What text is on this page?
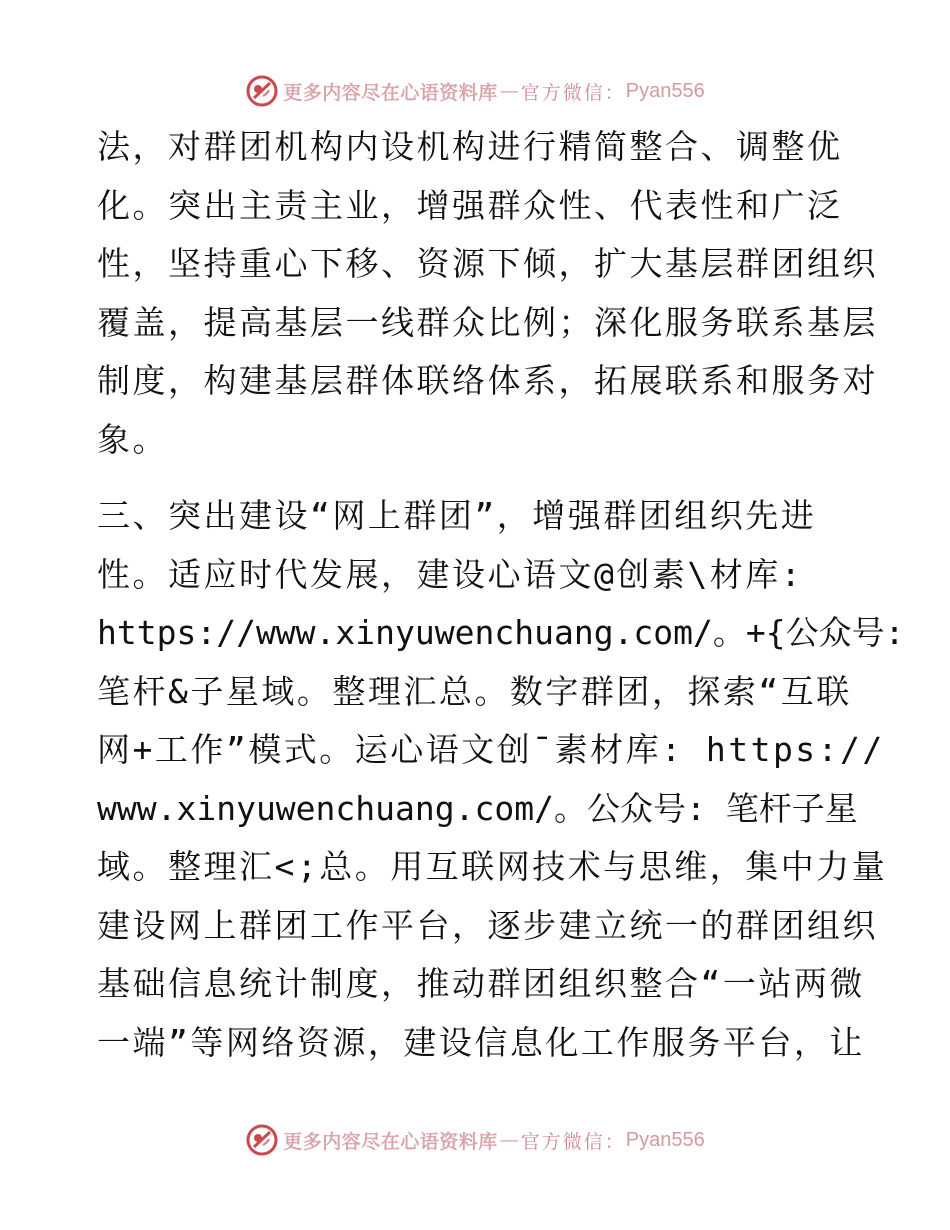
更多内容尽在心语资料库 — 官方微信： Pyan556
法，对群团机构内设机构进行精简整合、调整优
化。突出主责主业，增强群众性、代表性和广泛
性，坚持重心下移、资源下倾，扩大基层群团组织
覆盖，提高基层一线群众比例；深化服务联系基层
制度，构建基层群体联络体系，拓展联系和服务对
象。
三、突出建设“网上群团”，增强群团组织先进
性。适应时代发展，建设心语文@创素\材库:
https://www.xinyuwenchuang.com/。+{公众号:
笔杆&子星域。整理汇总。数字群团，探索“互联
网+工作”模式。运心语文创¯素材库: https://
www.xinyuwenchuang.com/。公众号: 笔杆子星
域。整理汇<;总。用互联网技术与思维，集中力量
建设网上群团工作平台，逐步建立统一的群团组织
基础信息统计制度，推动群团组织整合“一站两微
一端”等网络资源，建设信息化工作服务平台，让
更多内容尽在心语资料库 — 官方微信： Pyan556
